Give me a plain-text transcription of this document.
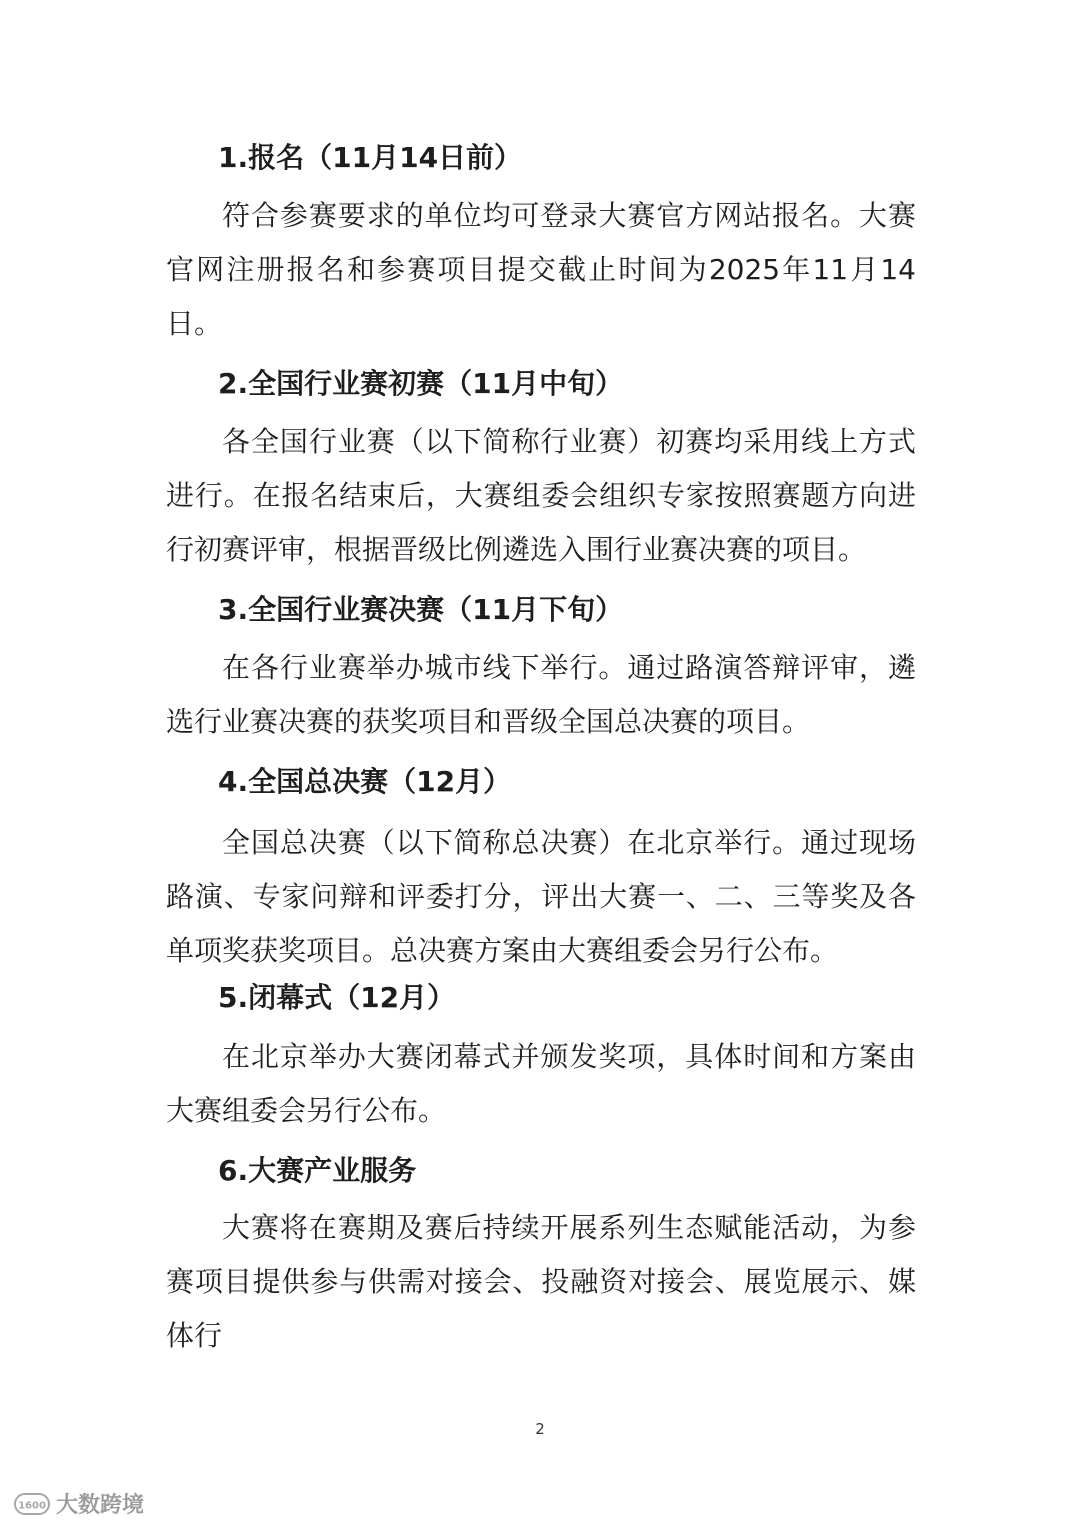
1.报名（11月14日前）

符合参赛要求的单位均可登录大赛官方网站报名。大赛官网注册报名和参赛项目提交截止时间为2025年11月14日。

2.全国行业赛初赛（11月中旬）

各全国行业赛（以下简称行业赛）初赛均采用线上方式进行。在报名结束后，大赛组委会组织专家按照赛题方向进行初赛评审，根据晋级比例遴选入围行业赛决赛的项目。

3.全国行业赛决赛（11月下旬）

在各行业赛举办城市线下举行。通过路演答辩评审，遴选行业赛决赛的获奖项目和晋级全国总决赛的项目。

4.全国总决赛（12月）

全国总决赛（以下简称总决赛）在北京举行。通过现场路演、专家问辩和评委打分，评出大赛一、二、三等奖及各单项奖获奖项目。总决赛方案由大赛组委会另行公布。

5.闭幕式（12月）

在北京举办大赛闭幕式并颁发奖项，具体时间和方案由大赛组委会另行公布。

6.大赛产业服务

大赛将在赛期及赛后持续开展系列生态赋能活动，为参赛项目提供参与供需对接会、投融资对接会、展览展示、媒体行

2
1600 大数跨境
